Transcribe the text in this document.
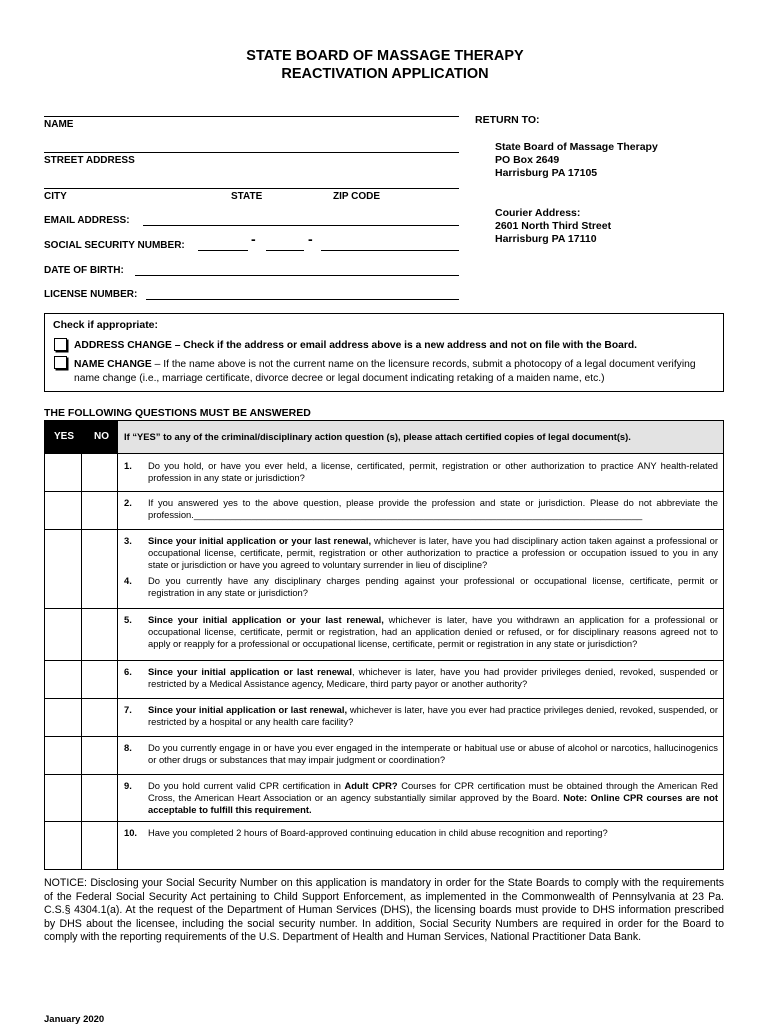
STATE BOARD OF MASSAGE THERAPY
REACTIVATION APPLICATION
NAME
STREET ADDRESS
CITY	STATE	ZIP CODE
EMAIL ADDRESS:
SOCIAL SECURITY NUMBER:	-	-
DATE OF BIRTH:
LICENSE NUMBER:
RETURN TO:
State Board of Massage Therapy
PO Box 2649
Harrisburg PA 17105
Courier Address:
2601 North Third Street
Harrisburg PA 17110
Check if appropriate:
ADDRESS CHANGE – Check if the address or email address above is a new address and not on file with the Board.
NAME CHANGE – If the name above is not the current name on the licensure records, submit a photocopy of a legal document verifying name change (i.e., marriage certificate, divorce decree or legal document indicating retaking of a maiden name, etc.)
THE FOLLOWING QUESTIONS MUST BE ANSWERED
YES NO If “YES” to any of the criminal/disciplinary action question (s), please attach certified copies of legal document(s).
1. Do you hold, or have you ever held, a license, certificated, permit, registration or other authorization to practice ANY health-related profession in any state or jurisdiction?
2. If you answered yes to the above question, please provide the profession and state or jurisdiction. Please do not abbreviate the profession.______________________________________________________________________________________
3. Since your initial application or your last renewal, whichever is later, have you had disciplinary action taken against a professional or occupational license, certificate, permit, registration or other authorization to practice a profession or occupation issued to you in any state or jurisdiction or have you agreed to voluntary surrender in lieu of discipline?
4. Do you currently have any disciplinary charges pending against your professional or occupational license, certificate, permit or registration in any state or jurisdiction?
5. Since your initial application or your last renewal, whichever is later, have you withdrawn an application for a professional or occupational license, certificate, permit or registration, had an application denied or refused, or for disciplinary reasons agreed not to apply or reapply for a professional or occupational license, certificate, permit or registration in any state or jurisdiction?
6. Since your initial application or last renewal, whichever is later, have you had provider privileges denied, revoked, suspended or restricted by a Medical Assistance agency, Medicare, third party payor or another authority?
7. Since your initial application or last renewal, whichever is later, have you ever had practice privileges denied, revoked, suspended, or restricted by a hospital or any health care facility?
8. Do you currently engage in or have you ever engaged in the intemperate or habitual use or abuse of alcohol or narcotics, hallucinogenics or other drugs or substances that may impair judgment or coordination?
9. Do you hold current valid CPR certification in Adult CPR? Courses for CPR certification must be obtained through the American Red Cross, the American Heart Association or an agency substantially similar approved by the Board. Note: Online CPR courses are not acceptable to fulfill this requirement.
10. Have you completed 2 hours of Board-approved continuing education in child abuse recognition and reporting?
NOTICE: Disclosing your Social Security Number on this application is mandatory in order for the State Boards to comply with the requirements of the Federal Social Security Act pertaining to Child Support Enforcement, as implemented in the Commonwealth of Pennsylvania at 23 Pa. C.S.§ 4304.1(a). At the request of the Department of Human Services (DHS), the licensing boards must provide to DHS information prescribed by DHS about the licensee, including the social security number. In addition, Social Security Numbers are required in order for the Board to comply with the reporting requirements of the U.S. Department of Health and Human Services, National Practitioner Data Bank.
January 2020
